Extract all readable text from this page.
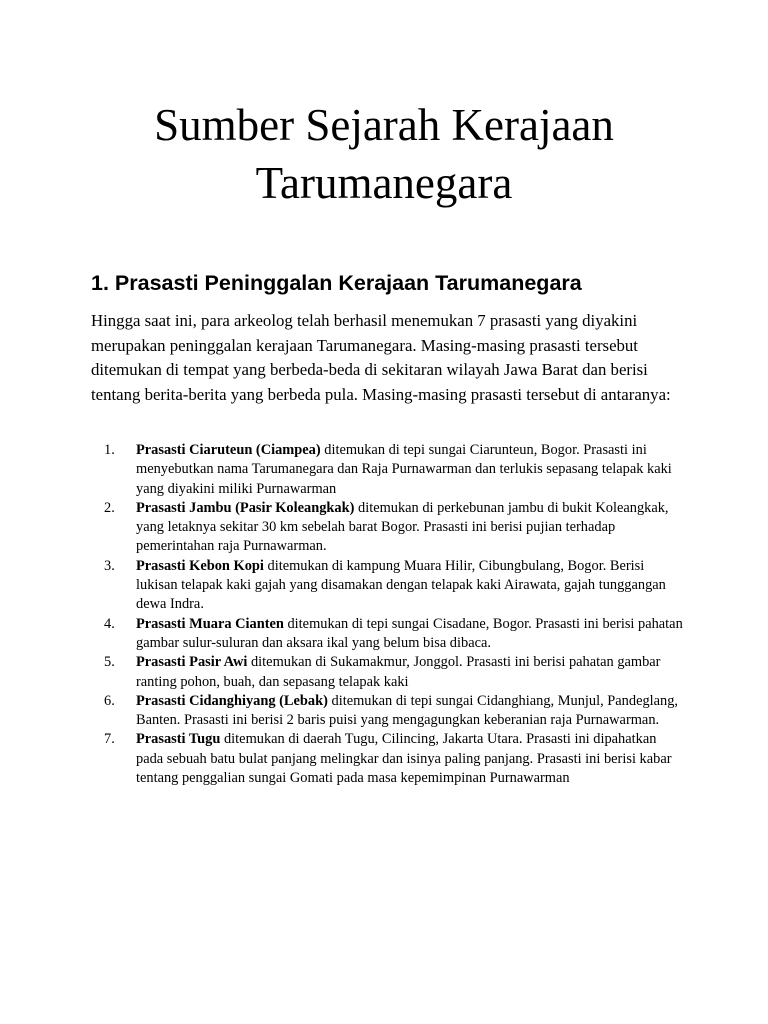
Sumber Sejarah Kerajaan Tarumanegara
1. Prasasti Peninggalan Kerajaan Tarumanegara

Hingga saat ini, para arkeolog telah berhasil menemukan 7 prasasti yang diyakini merupakan peninggalan kerajaan Tarumanegara. Masing-masing prasasti tersebut ditemukan di tempat yang berbeda-beda di sekitaran wilayah Jawa Barat dan berisi tentang berita-berita yang berbeda pula. Masing-masing prasasti tersebut di antaranya:

1. Prasasti Ciaruteun (Ciampea) ditemukan di tepi sungai Ciarunteun, Bogor. Prasasti ini menyebutkan nama Tarumanegara dan Raja Purnawarman dan terlukis sepasang telapak kaki yang diyakini miliki Purnawarman
2. Prasasti Jambu (Pasir Koleangkak) ditemukan di perkebunan jambu di bukit Koleangkak, yang letaknya sekitar 30 km sebelah barat Bogor. Prasasti ini berisi pujian terhadap pemerintahan raja Purnawarman.
3. Prasasti Kebon Kopi ditemukan di kampung Muara Hilir, Cibungbulang, Bogor. Berisi lukisan telapak kaki gajah yang disamakan dengan telapak kaki Airawata, gajah tunggangan dewa Indra.
4. Prasasti Muara Cianten ditemukan di tepi sungai Cisadane, Bogor. Prasasti ini berisi pahatan gambar sulur-suluran dan aksara ikal yang belum bisa dibaca.
5. Prasasti Pasir Awi ditemukan di Sukamakmur, Jonggol. Prasasti ini berisi pahatan gambar ranting pohon, buah, dan sepasang telapak kaki
6. Prasasti Cidanghiyang (Lebak) ditemukan di tepi sungai Cidanghiang, Munjul, Pandeglang, Banten. Prasasti ini berisi 2 baris puisi yang mengagungkan keberanian raja Purnawarman.
7. Prasasti Tugu ditemukan di daerah Tugu, Cilincing, Jakarta Utara. Prasasti ini dipahatkan pada sebuah batu bulat panjang melingkar dan isinya paling panjang. Prasasti ini berisi kabar tentang penggalian sungai Gomati pada masa kepemimpinan Purnawarman
